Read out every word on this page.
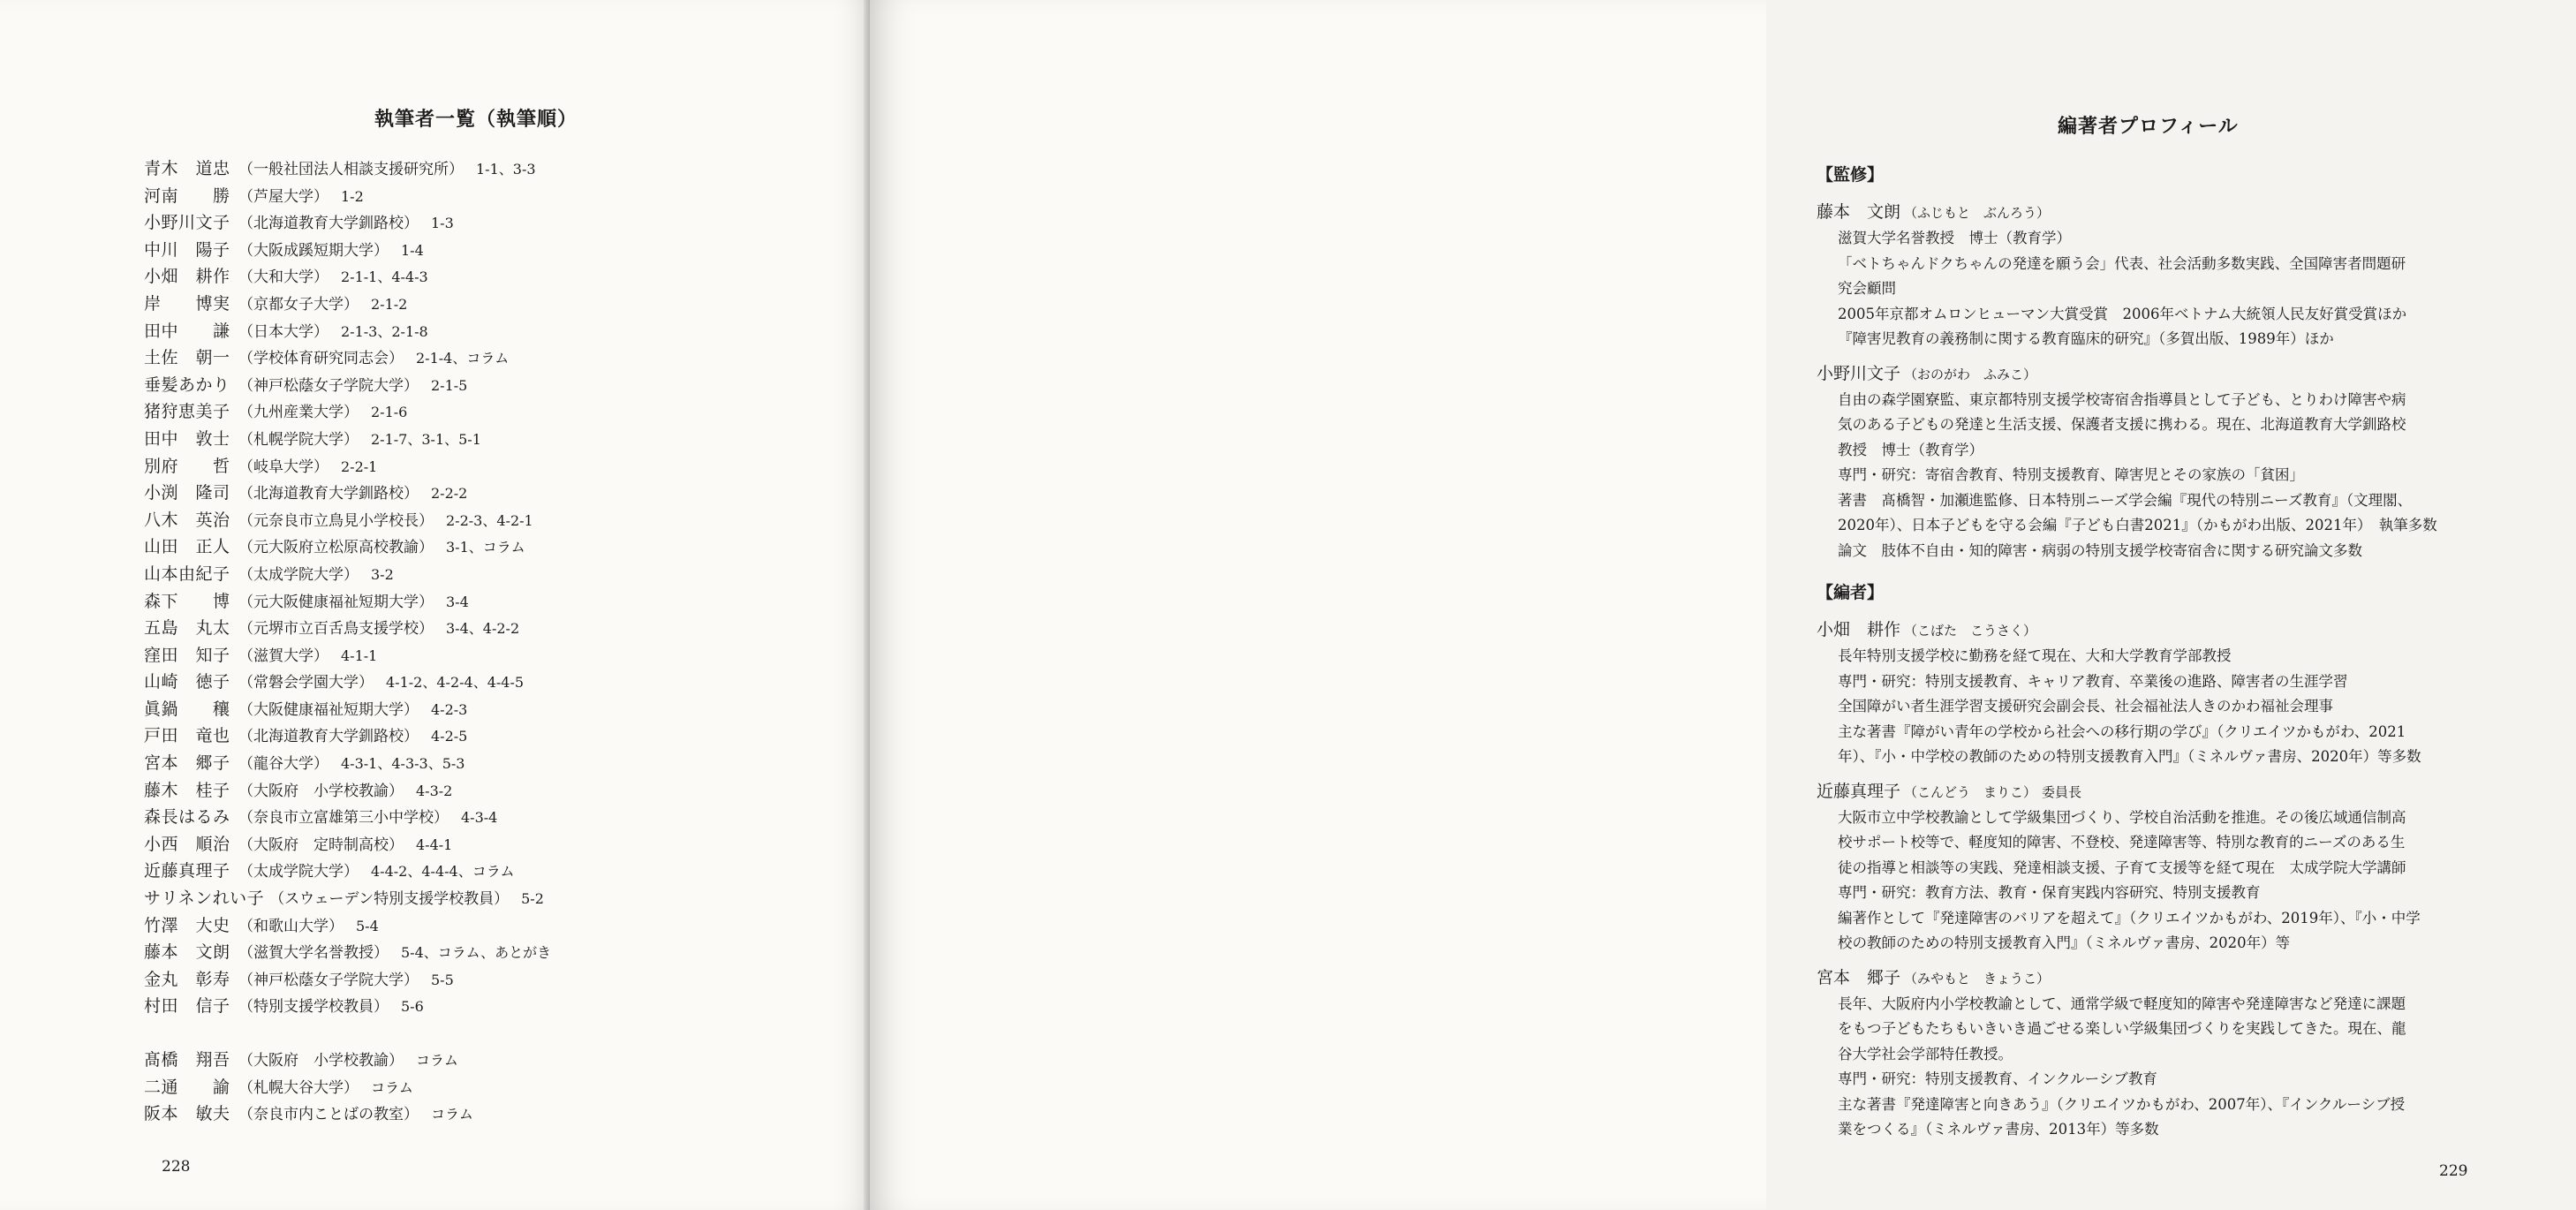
執筆者一覧（執筆順）
青木　道忠 （一般社団法人相談支援研究所） 1-1、3-3
河南　　勝 （芦屋大学） 1-2
小野川文子 （北海道教育大学釧路校） 1-3
中川　陽子 （大阪成蹊短期大学） 1-4
小畑　耕作 （大和大学） 2-1-1、4-4-3
岸　　博実 （京都女子大学） 2-1-2
田中　　謙 （日本大学） 2-1-3、2-1-8
土佐　朝一 （学校体育研究同志会） 2-1-4、コラム
垂髪あかり （神戸松蔭女子学院大学） 2-1-5
猪狩恵美子 （九州産業大学） 2-1-6
田中　敦士 （札幌学院大学） 2-1-7、3-1、5-1
別府　　哲 （岐阜大学） 2-2-1
小渕　隆司 （北海道教育大学釧路校） 2-2-2
八木　英治 （元奈良市立鳥見小学校長） 2-2-3、4-2-1
山田　正人 （元大阪府立松原高校教諭） 3-1、コラム
山本由紀子 （太成学院大学） 3-2
森下　　博 （元大阪健康福祉短期大学） 3-4
五島　丸太 （元堺市立百舌鳥支援学校） 3-4、4-2-2
窪田　知子 （滋賀大学） 4-1-1
山崎　徳子 （常磐会学園大学） 4-1-2、4-2-4、4-4-5
眞鍋　　穰 （大阪健康福祉短期大学） 4-2-3
戸田　竜也 （北海道教育大学釧路校） 4-2-5
宮本　郷子 （龍谷大学） 4-3-1、4-3-3、5-3
藤木　桂子 （大阪府　小学校教諭） 4-3-2
森長はるみ （奈良市立富雄第三小中学校） 4-3-4
小西　順治 （大阪府　定時制高校） 4-4-1
近藤真理子 （太成学院大学） 4-4-2、4-4-4、コラム
サリネンれい子 （スウェーデン特別支援学校教員） 5-2
竹澤　大史 （和歌山大学） 5-4
藤本　文朗 （滋賀大学名誉教授） 5-4、コラム、あとがき
金丸　彰寿 （神戸松蔭女子学院大学） 5-5
村田　信子 （特別支援学校教員） 5-6
髙橋　翔吾 （大阪府　小学校教諭） コラム
二通　　諭 （札幌大谷大学） コラム
阪本　敏夫 （奈良市内ことばの教室） コラム
228
編著者プロフィール
【監修】
藤本　文朗 （ふじもと　ぶんろう）
滋賀大学名誉教授　博士（教育学）
「ベトちゃんドクちゃんの発達を願う会」代表、社会活動多数実践、全国障害者問題研
究会顧問
2005年京都オムロンヒューマン大賞受賞　2006年ベトナム大統領人民友好賞受賞ほか
『障害児教育の義務制に関する教育臨床的研究』（多賀出版、1989年）ほか
小野川文子 （おのがわ　ふみこ）
自由の森学園寮監、東京都特別支援学校寄宿舎指導員として子ども、とりわけ障害や病
気のある子どもの発達と生活支援、保護者支援に携わる。現在、北海道教育大学釧路校
教授　博士（教育学）
専門・研究：寄宿舎教育、特別支援教育、障害児とその家族の「貧困」
著書　髙橋智・加瀬進監修、日本特別ニーズ学会編『現代の特別ニーズ教育』（文理閣、
2020年）、日本子どもを守る会編『子ども白書2021』（かもがわ出版、2021年）　執筆多数
論文　肢体不自由・知的障害・病弱の特別支援学校寄宿舎に関する研究論文多数
【編者】
小畑　耕作 （こばた　こうさく）
長年特別支援学校に勤務を経て現在、大和大学教育学部教授
専門・研究：特別支援教育、キャリア教育、卒業後の進路、障害者の生涯学習
全国障がい者生涯学習支援研究会副会長、社会福祉法人きのかわ福祉会理事
主な著書『障がい青年の学校から社会への移行期の学び』（クリエイツかもがわ、2021
年）、『小・中学校の教師のための特別支援教育入門』（ミネルヴァ書房、2020年）等多数
近藤真理子 （こんどう　まりこ） 委員長
大阪市立中学校教諭として学級集団づくり、学校自治活動を推進。その後広域通信制高
校サポート校等で、軽度知的障害、不登校、発達障害等、特別な教育的ニーズのある生
徒の指導と相談等の実践、発達相談支援、子育て支援等を経て現在　太成学院大学講師
専門・研究：教育方法、教育・保育実践内容研究、特別支援教育
編著作として『発達障害のバリアを超えて』（クリエイツかもがわ、2019年）、『小・中学
校の教師のための特別支援教育入門』（ミネルヴァ書房、2020年）等
宮本　郷子 （みやもと　きょうこ）
長年、大阪府内小学校教諭として、通常学級で軽度知的障害や発達障害など発達に課題
をもつ子どもたちもいきいき過ごせる楽しい学級集団づくりを実践してきた。現在、龍
谷大学社会学部特任教授。
専門・研究：特別支援教育、インクルーシブ教育
主な著書『発達障害と向きあう』（クリエイツかもがわ、2007年）、『インクルーシブ授
業をつくる』（ミネルヴァ書房、2013年）等多数
229
